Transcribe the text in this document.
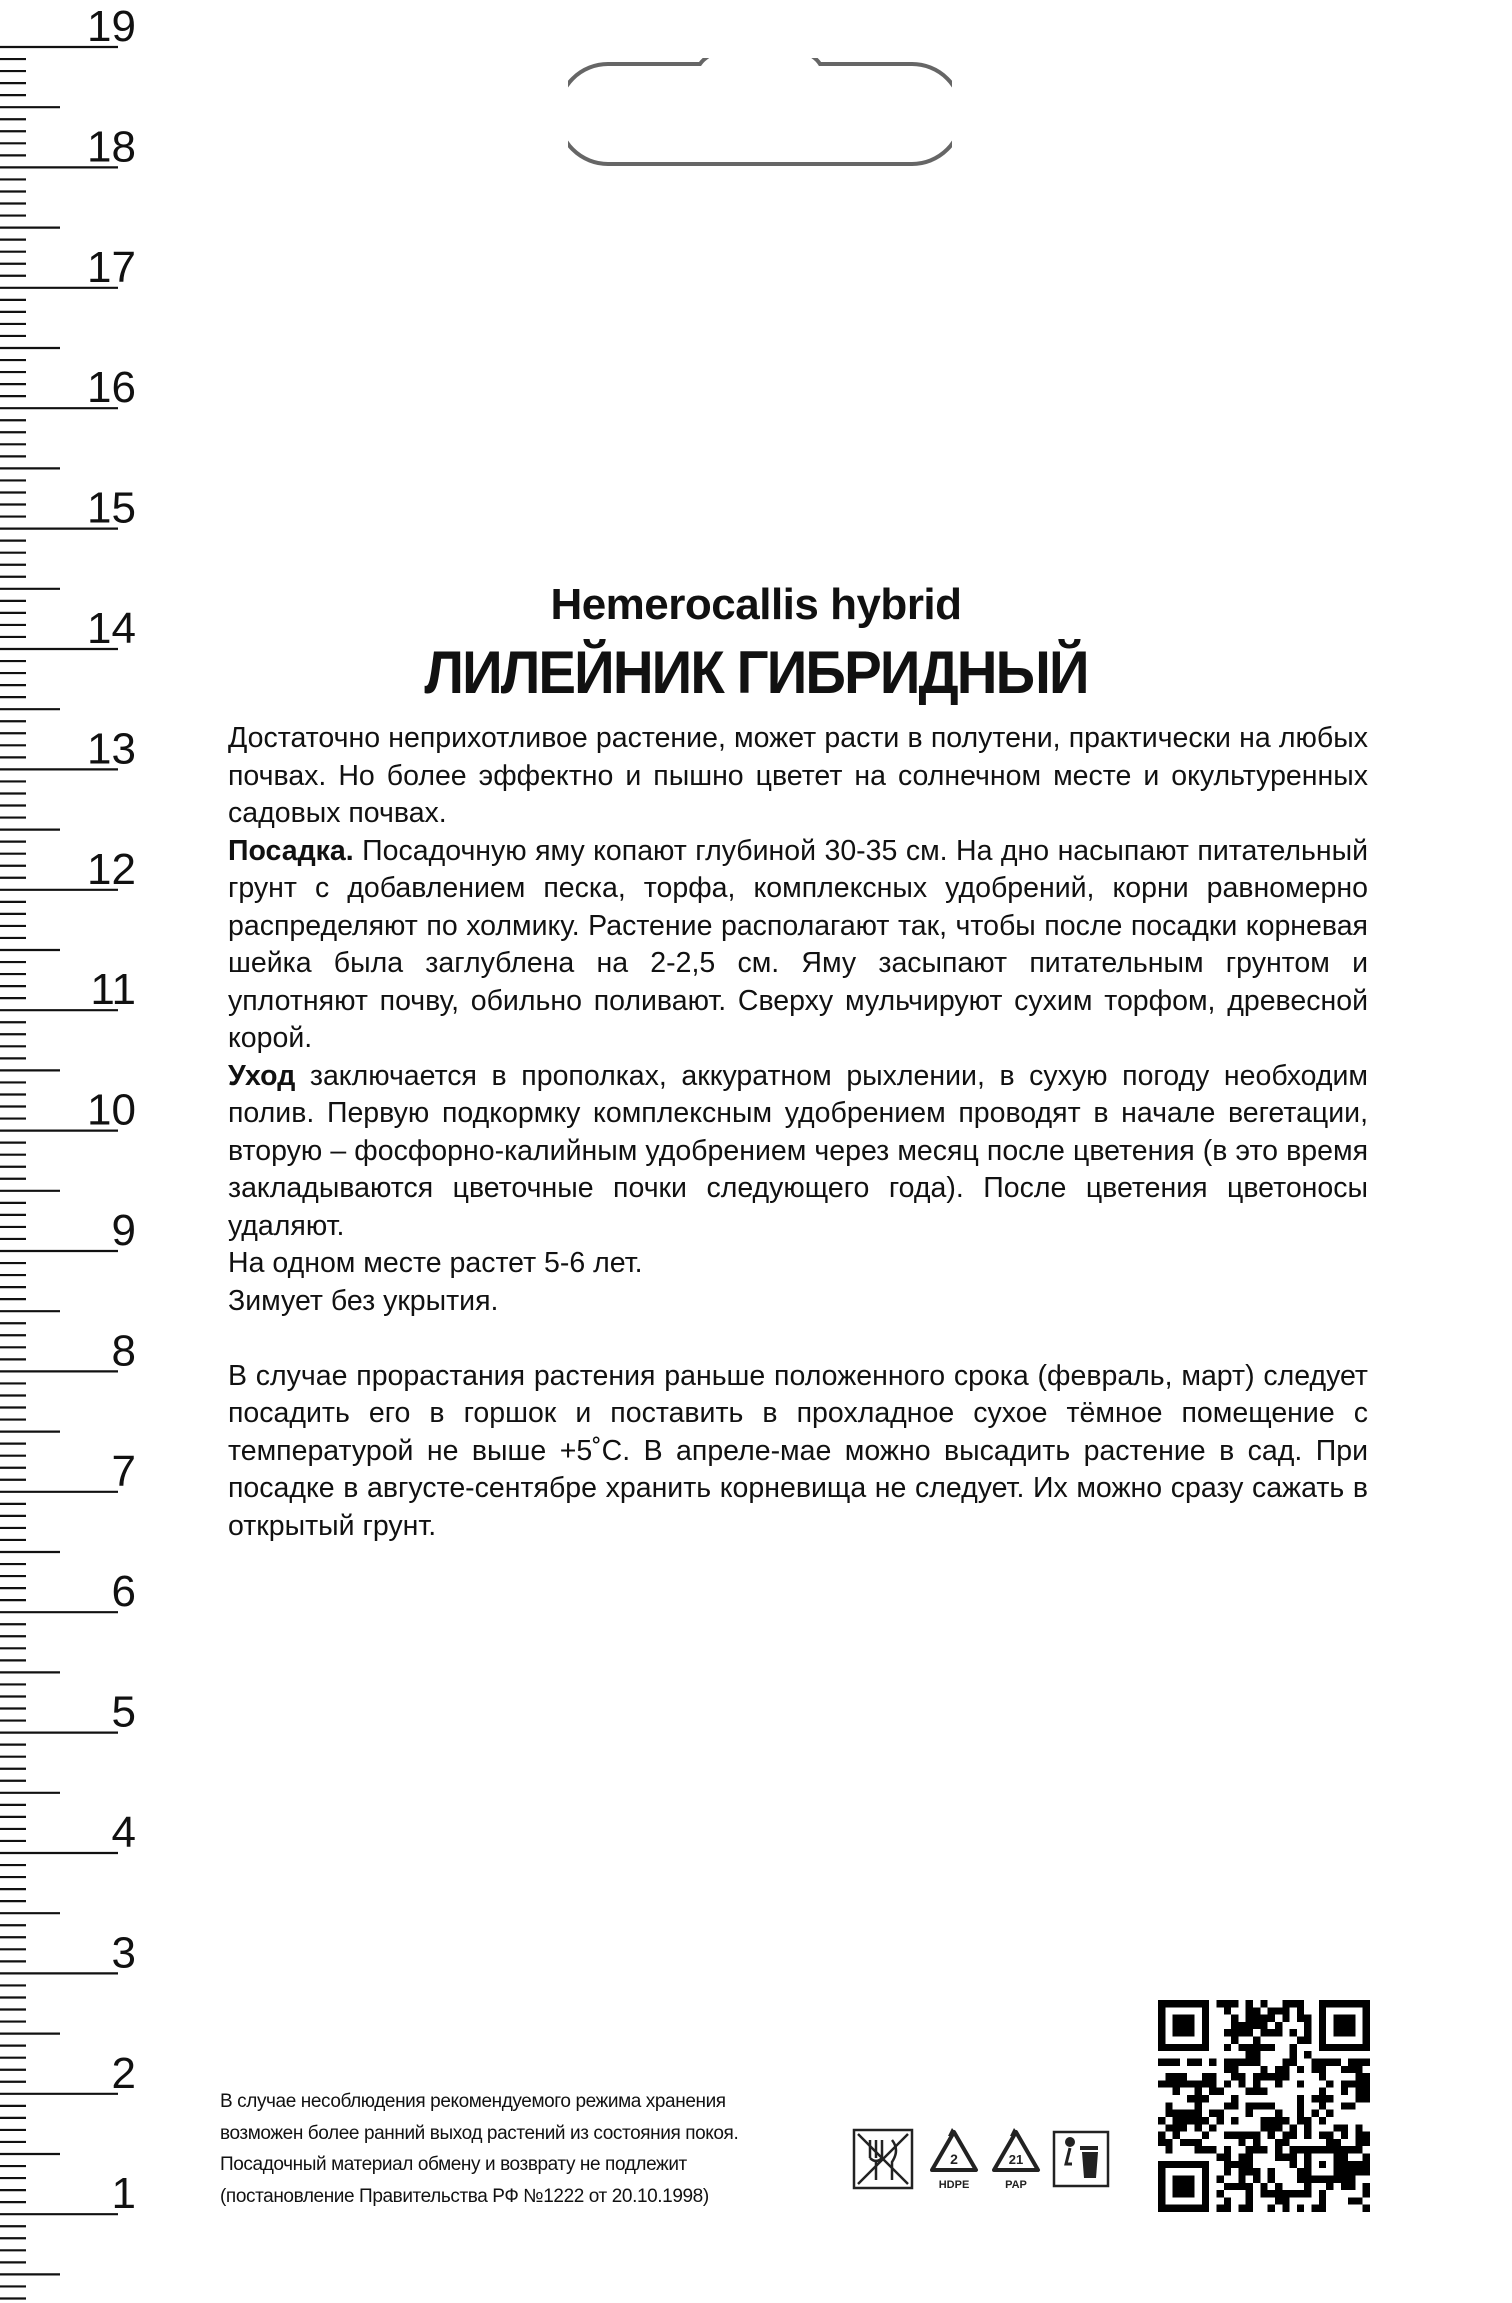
19
18
17
16
15
14
13
12
11
10
9
8
7
6
5
4
3
2
1
Hemerocallis hybrid
ЛИЛЕЙНИК ГИБРИДНЫЙ

Достаточно неприхотливое растение, может расти в полутени, практически на любых почвах. Но более эффектно и пышно цветет на солнечном месте и окультуренных садовых почвах.

Посадка. Посадочную яму копают глубиной 30-35 см. На дно насыпают питательный грунт с добавлением песка, торфа, комплексных удобрений, корни равномерно распределяют по холмику. Растение располагают так, чтобы после посадки корневая шейка была заглублена на 2-2,5 см. Яму засыпают питательным грунтом и уплотняют почву, обильно поливают. Сверху мульчируют сухим торфом, древесной корой.

Уход заключается в прополках, аккуратном рыхлении, в сухую погоду необходим полив. Первую подкормку комплексным удобрением проводят в начале вегетации, вторую – фосфорно-калийным удобрением через месяц после цветения (в это время закладываются цветочные почки следующего года). После цветения цветоносы удаляют.

На одном месте растет 5-6 лет.

Зимует без укрытия.

В случае прорастания растения раньше положенного срока (февраль, март) следует посадить его в горшок и поставить в прохладное сухое тёмное помещение с температурой не выше +5˚С. В апреле-мае можно высадить растение в сад. При посадке в августе-сентябре хранить корневища не следует. Их можно сразу сажать в открытый грунт.

В случае несоблюдения рекомендуемого режима хранения

возможен более ранний выход растений из состояния покоя.

Посадочный материал обмену и возврату не подлежит

(постановление Правительства РФ №1222 от 20.10.1998)

2
HDPE
21
PAP
